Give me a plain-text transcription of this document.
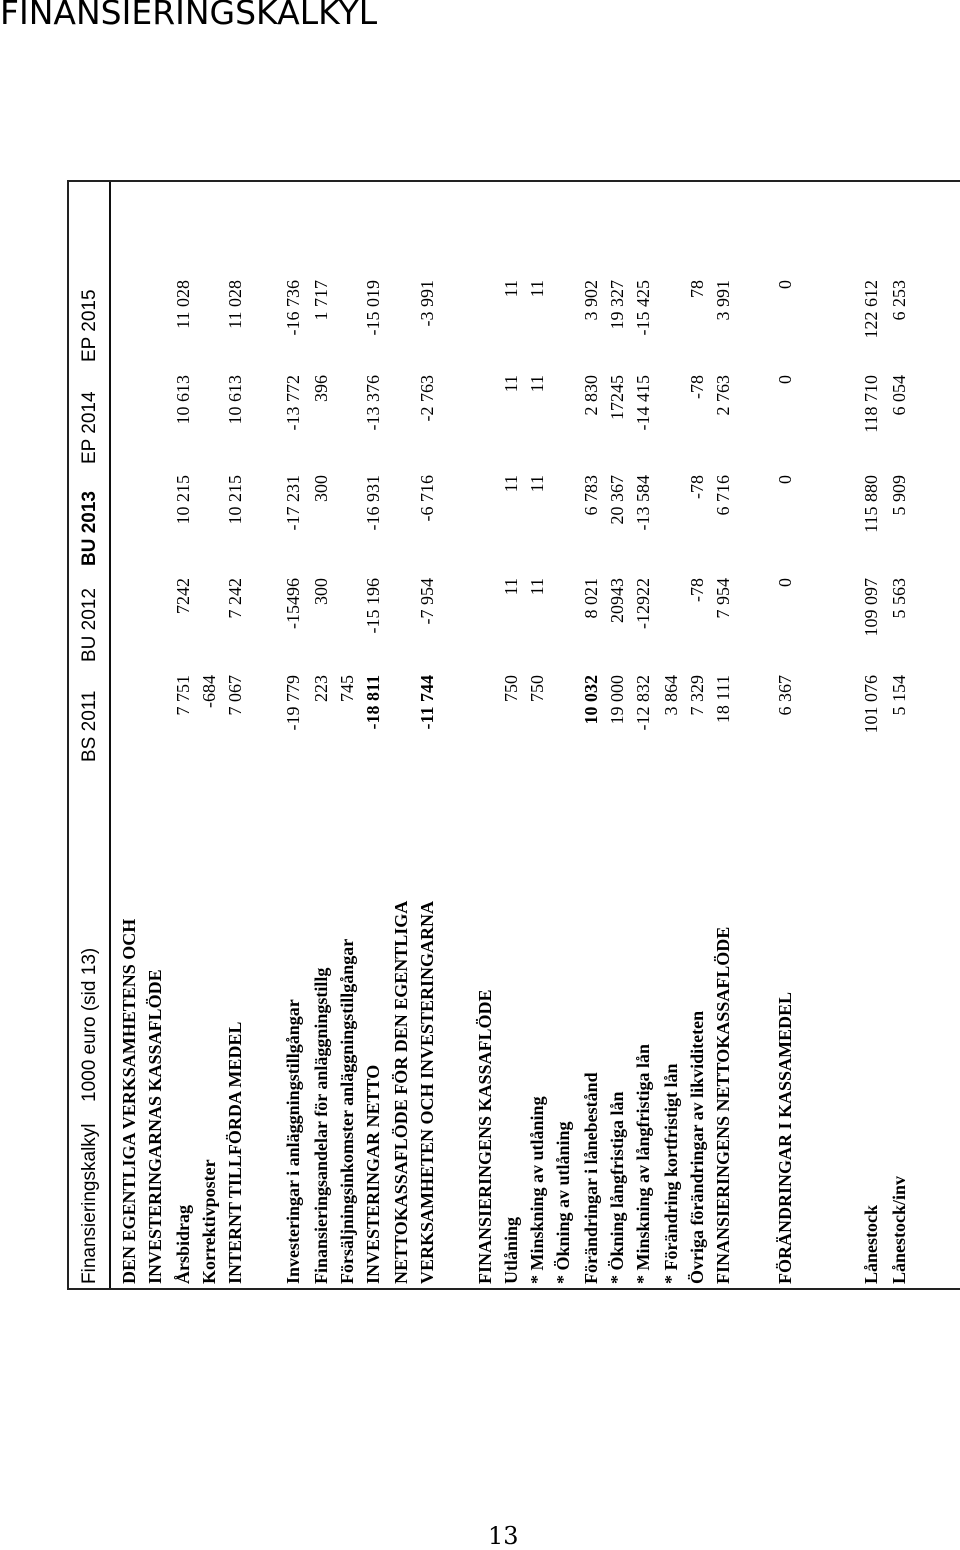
FINANSIERINGSKALKYL
Finansieringskalkyl
1000 euro (sid 13)
BS 2011
BU 2012
BU 2013
EP 2014
EP 2015
DEN EGENTLIGA VERKSAMHETENS OCH INVESTERINGARNAS KASSAFLÖDE Årsbidrag
7 751
7242
10 215
10 613
11 028
Korrektivposter
-684
INTERNT TILLFÖRDA MEDEL
7 067
7 242
10 215
10 613
11 028
Investeringar i anläggningstillgångar
-19 779
-15496
-17 231
-13 772
-16 736
Finansieringsandelar för anläggningstillg
223
300
300
396
1 717
Försäljningsinkomster anläggningstillgångar
745
INVESTERINGAR NETTO
-18 811
-15 196
-16 931
-13 376
-15 019
NETTOKASSAFLÖDE FÖR DEN EGENTLIGA VERKSAMHETEN OCH INVESTERINGARNA
-11 744
-7 954
-6 716
-2 763
-3 991
FINANSIERINGENS KASSAFLÖDE Utlåning
750
11
11
11
11
* Minskning av utlåning
750
11
11
11
11
* Ökning av utlåning Förändringar i lånebestånd
10 032
8 021
6 783
2 830
3 902
* Ökning långfristiga lån
19 000
20943
20 367
17245
19 327
* Minskning av långfristiga lån
-12 832
-12922
-13 584
-14 415
-15 425
* Förändring kortfristigt lån
3 864
Övriga förändringar av likviditeten
7 329
-78
-78
-78
78
FINANSIERINGENS NETTOKASSAFLÖDE
18 111
7 954
6 716
2 763
3 991
FÖRÄNDRINGAR I KASSAMEDEL
6 367
0
0
0
0
Lånestock
101 076
109 097
115 880
118 710
122 612
Lånestock/inv
5 154
5 563
5 909
6 054
6 253
13
